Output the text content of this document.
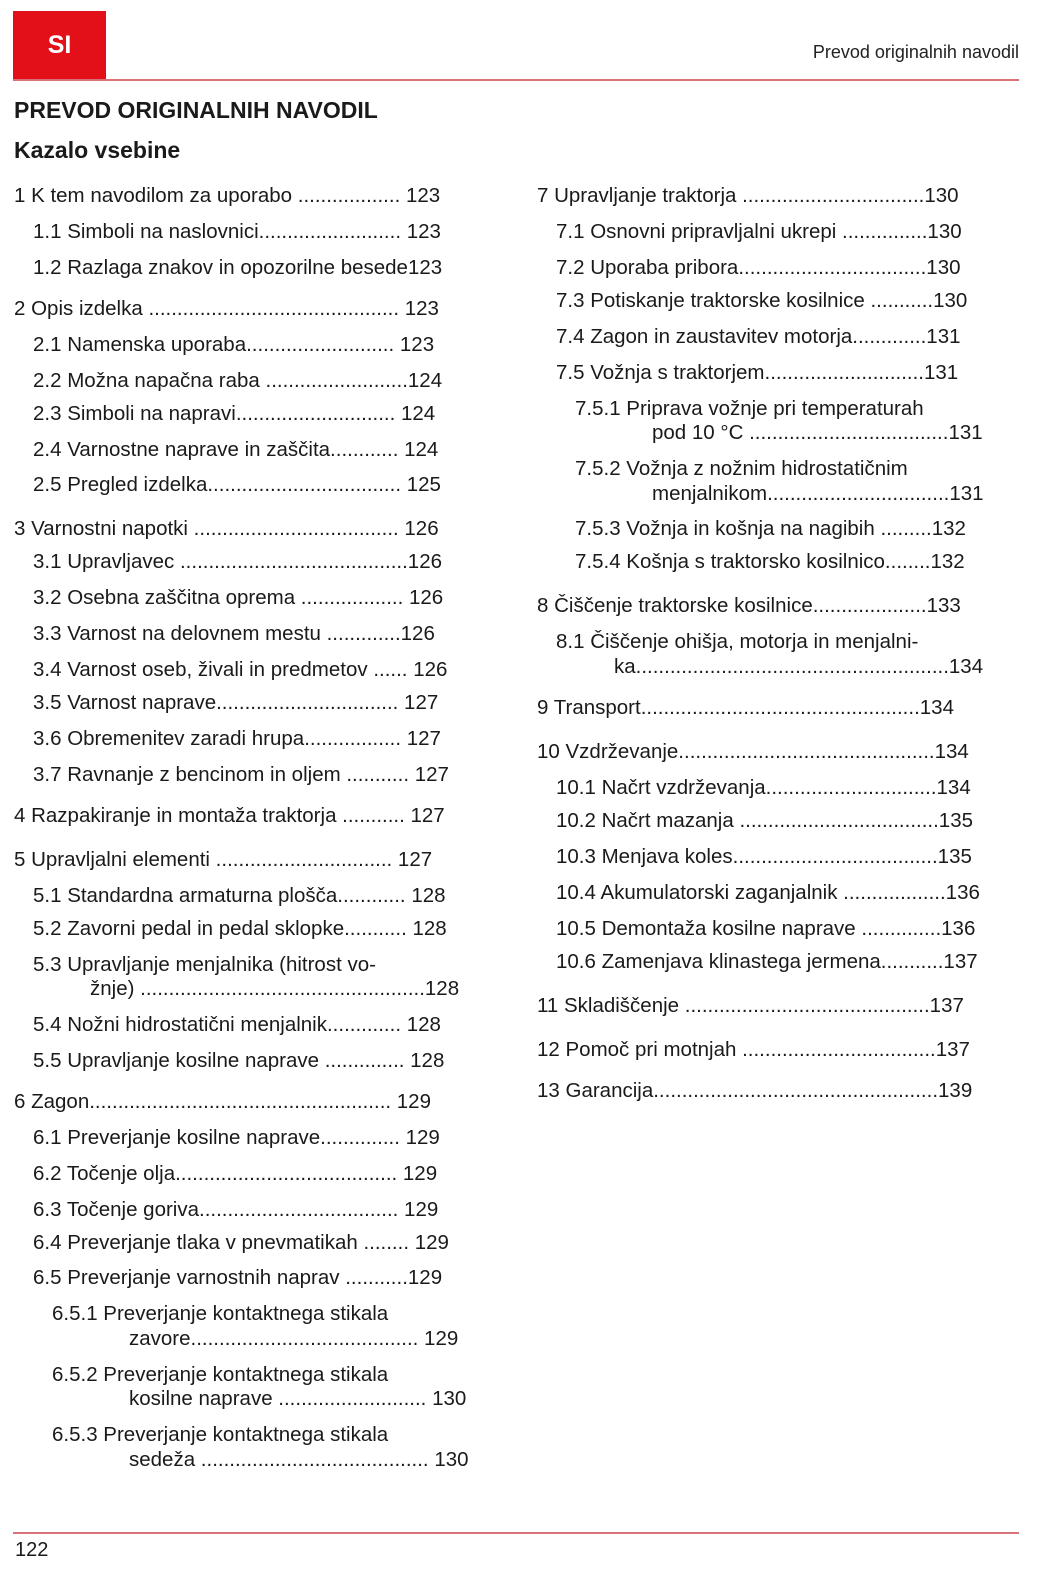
SI	Prevod originalnih navodil
PREVOD ORIGINALNIH NAVODIL
Kazalo vsebine
1 K tem navodilom za uporabo .................. 123
1.1 Simboli na naslovnici......................... 123
1.2 Razlaga znakov in opozorilne besede123
2 Opis izdelka ............................................ 123
2.1 Namenska uporaba.......................... 123
2.2 Možna napačna raba .........................124
2.3 Simboli na napravi............................ 124
2.4 Varnostne naprave in zaščita............ 124
2.5 Pregled izdelka.................................. 125
3 Varnostni napotki .................................... 126
3.1 Upravljavec ........................................126
3.2 Osebna zaščitna oprema .................. 126
3.3 Varnost na delovnem mestu .............126
3.4 Varnost oseb, živali in predmetov ...... 126
3.5 Varnost naprave................................ 127
3.6 Obremenitev zaradi hrupa................. 127
3.7 Ravnanje z bencinom in oljem ........... 127
4 Razpakiranje in montaža traktorja ........... 127
5 Upravljalni elementi ............................... 127
5.1 Standardna armaturna plošča............ 128
5.2 Zavorni pedal in pedal sklopke........... 128
5.3 Upravljanje menjalnika (hitrost vo-
žnje) ..................................................128
5.4 Nožni hidrostatični menjalnik............. 128
5.5 Upravljanje kosilne naprave .............. 128
6 Zagon..................................................... 129
6.1 Preverjanje kosilne naprave.............. 129
6.2 Točenje olja....................................... 129
6.3 Točenje goriva................................... 129
6.4 Preverjanje tlaka v pnevmatikah ........ 129
6.5 Preverjanje varnostnih naprav ...........129
6.5.1 Preverjanje kontaktnega stikala
zavore........................................ 129
6.5.2 Preverjanje kontaktnega stikala
kosilne naprave .......................... 130
6.5.3 Preverjanje kontaktnega stikala
sedeža ........................................ 130
7 Upravljanje traktorja ................................130
7.1 Osnovni pripravljalni ukrepi ...............130
7.2 Uporaba pribora.................................130
7.3 Potiskanje traktorske kosilnice ...........130
7.4 Zagon in zaustavitev motorja.............131
7.5 Vožnja s traktorjem............................131
7.5.1 Priprava vožnje pri temperaturah
pod 10 °C ...................................131
7.5.2 Vožnja z nožnim hidrostatičnim
menjalnikom................................131
7.5.3 Vožnja in košnja na nagibih .........132
7.5.4 Košnja s traktorsko kosilnico........132
8 Čiščenje traktorske kosilnice....................133
8.1 Čiščenje ohišja, motorja in menjalni-
ka.......................................................134
9 Transport.................................................134
10 Vzdrževanje.............................................134
10.1 Načrt vzdrževanja..............................134
10.2 Načrt mazanja ...................................135
10.3 Menjava koles....................................135
10.4 Akumulatorski zaganjalnik ..................136
10.5 Demontaža kosilne naprave ..............136
10.6 Zamenjava klinastega jermena...........137
11 Skladiščenje ...........................................137
12 Pomoč pri motnjah ..................................137
13 Garancija..................................................139
122
